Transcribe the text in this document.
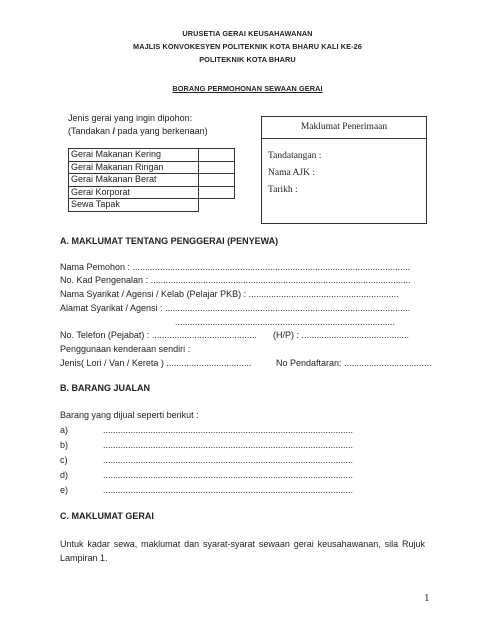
URUSETIA GERAI KEUSAHAWANAN
MAJLIS KONVOKESYEN POLITEKNIK KOTA BHARU KALI KE-26
POLITEKNIK KOTA BHARU
BORANG PERMOHONAN SEWAAN GERAI
Jenis gerai yang ingin dipohon:
(Tandakan / pada yang berkenaan)
Gerai Makanan Kering	
Gerai Makanan Ringan	
Gerai Makanan Berat	
Gerai Korporat	
Sewa Tapak	
Maklumat Penerimaan
Tandatangan :
Nama AJK :
Tarikh :
A. MAKLUMAT TENTANG PENGGERAI (PENYEWA)
Nama Pemohon : ...............................................................................................................
No. Kad Pengenalan : ........................................................................................................
Nama Syarikat / Agensi / Kelab (Pelajar PKB) : ............................................................
Alamat Syarikat / Agensi : ..................................................................................................
........................................................................................
No. Telefon (Pejabat) : .......................................... (H/P) : ...........................................
Penggunaan kenderaan sendiri :
Jenis( Lori / Van / Kereta ) ..................................	No Pendaftaran: ...................................
B. BARANG JUALAN
Barang yang dijual seperti berikut :
a)	....................................................................................................
b)	....................................................................................................
c)	....................................................................................................
d)	....................................................................................................
e)	....................................................................................................
C. MAKLUMAT GERAI
Untuk kadar sewa, maklumat dan syarat-syarat sewaan gerai keusahawanan, sila Rujuk
Lampiran 1.
1
